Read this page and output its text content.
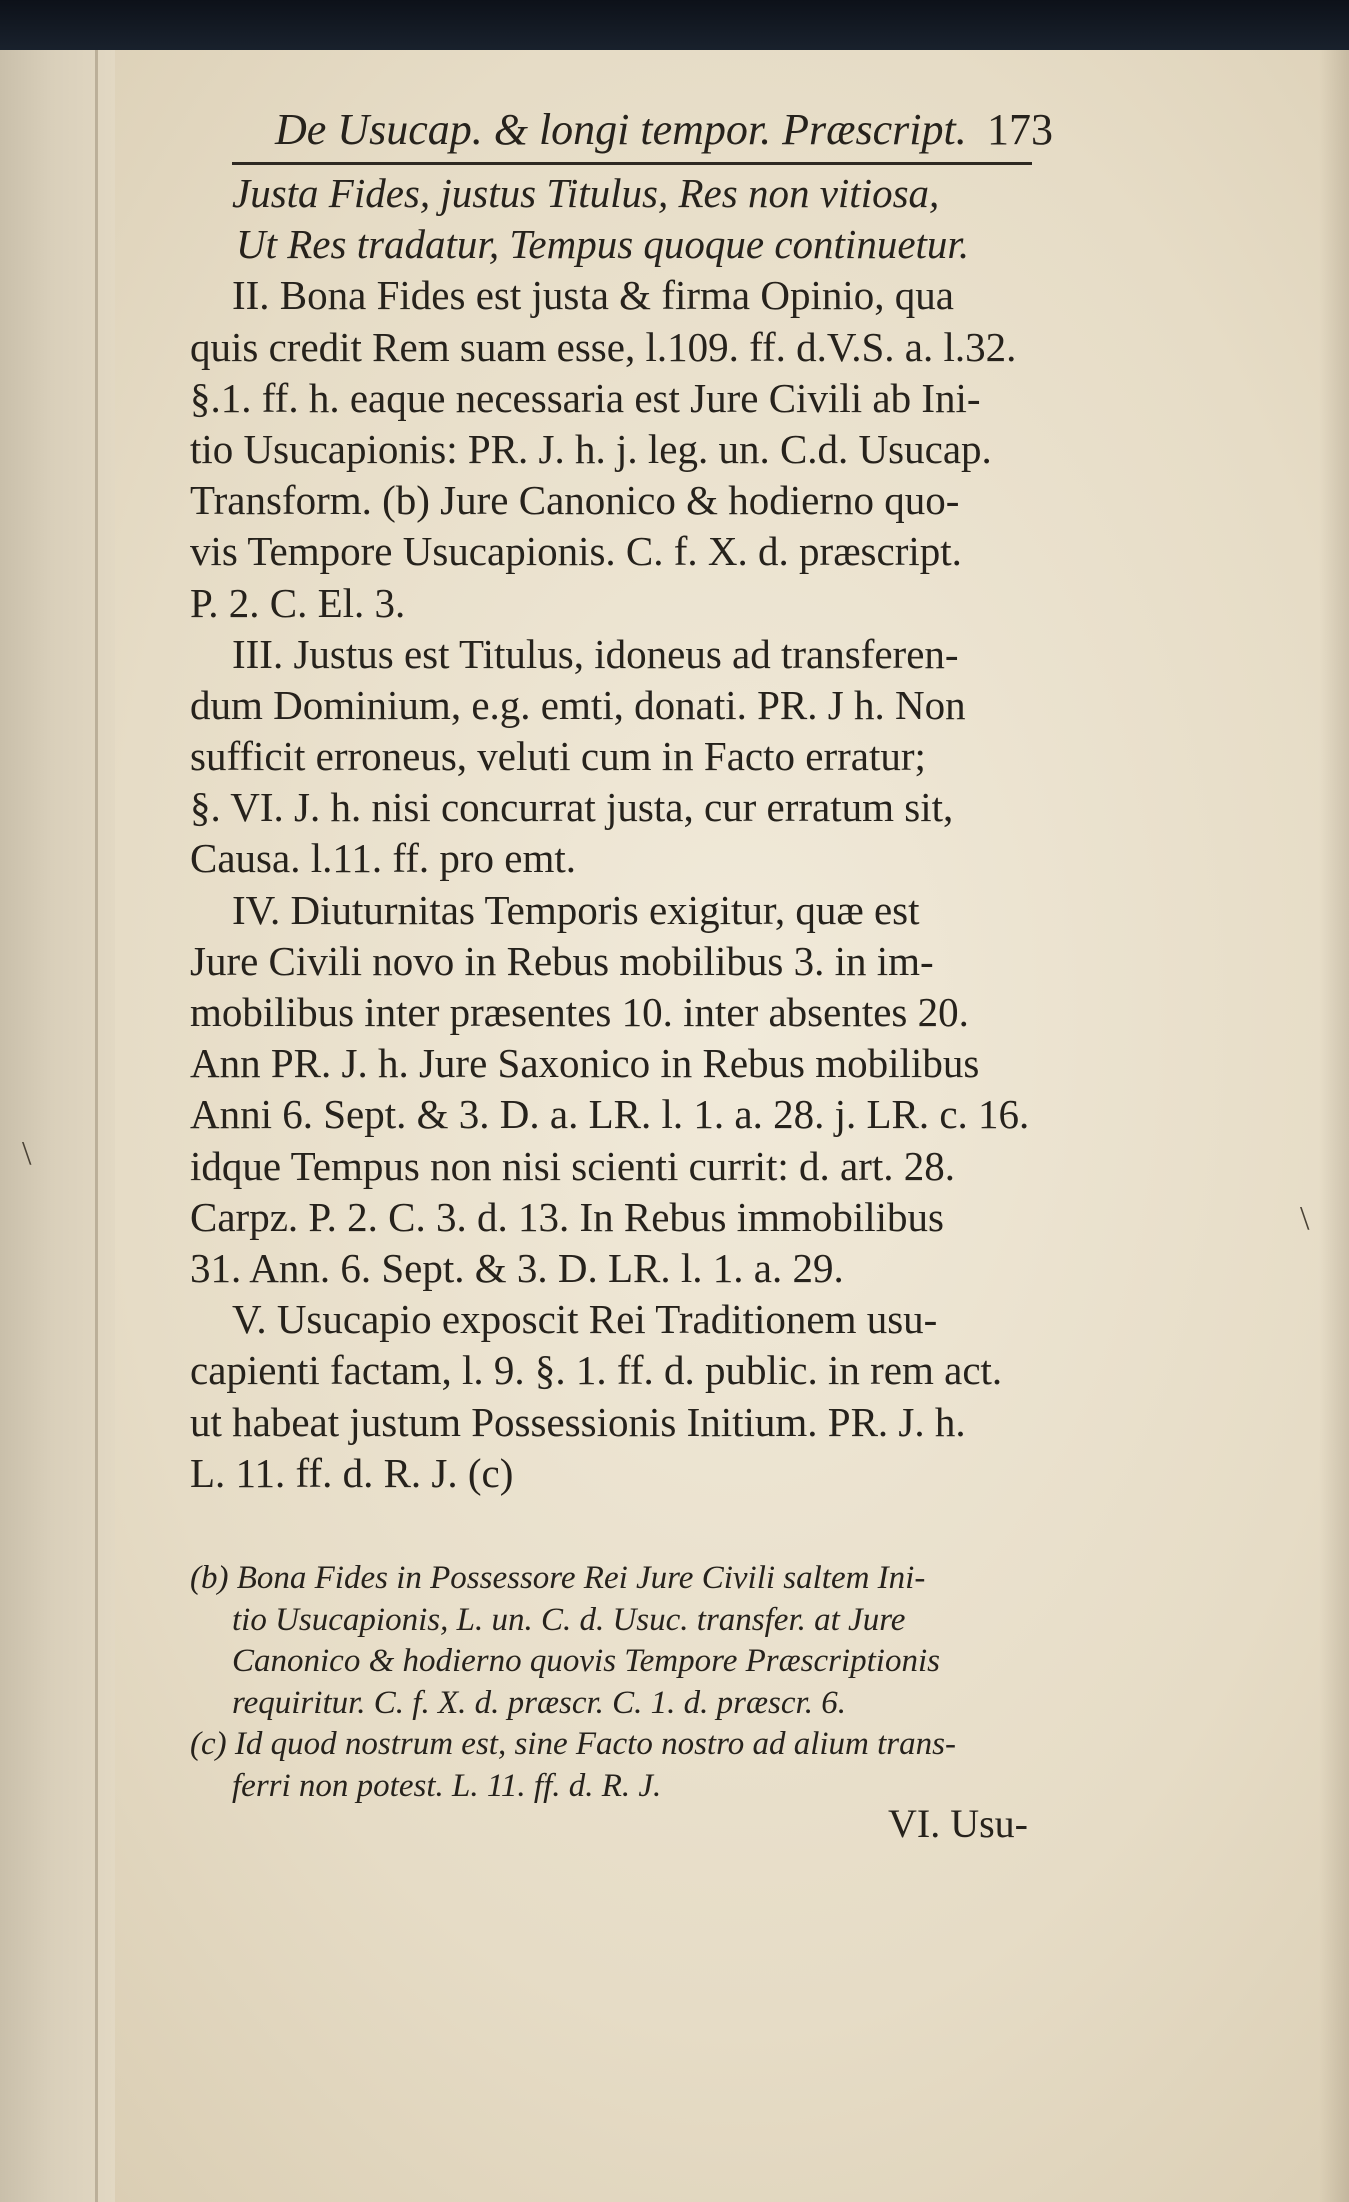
De Usucap. & longi tempor. Præscript. 173
Justa Fides, justus Titulus, Res non vitiosa,
Ut Res tradatur, Tempus quoque continuetur.
II. Bona Fides est justa & firma Opinio, qua
quis credit Rem suam esse, l.109. ff. d.V.S. a. l.32.
§.1. ff. h. eaque necessaria est Jure Civili ab Ini-
tio Usucapionis: PR. J. h. j. leg. un. C.d. Usucap.
Transform. (b) Jure Canonico & hodierno quo-
vis Tempore Usucapionis. C. f. X. d. præscript.
P. 2. C. El. 3.
III. Justus est Titulus, idoneus ad transferen-
dum Dominium, e.g. emti, donati. PR. J h. Non
sufficit erroneus, veluti cum in Facto erratur;
§. VI. J. h. nisi concurrat justa, cur erratum sit,
Causa. l.11. ff. pro emt.
IV. Diuturnitas Temporis exigitur, quæ est
Jure Civili novo in Rebus mobilibus 3. in im-
mobilibus inter præsentes 10. inter absentes 20.
Ann PR. J. h. Jure Saxonico in Rebus mobilibus
Anni 6. Sept. & 3. D. a. LR. l. 1. a. 28. j. LR. c. 16.
idque Tempus non nisi scienti currit: d. art. 28.
Carpz. P. 2. C. 3. d. 13. In Rebus immobilibus
31. Ann. 6. Sept. & 3. D. LR. l. 1. a. 29.
V. Usucapio exposcit Rei Traditionem usu-
capienti factam, l. 9. §. 1. ff. d. public. in rem act.
ut habeat justum Possessionis Initium. PR. J. h.
L. 11. ff. d. R. J. (c)
(b) Bona Fides in Possessore Rei Jure Civili saltem Ini-
tio Usucapionis, L. un. C. d. Usuc. transfer. at Jure
Canonico & hodierno quovis Tempore Præscriptionis
requiritur. C. f. X. d. præscr. C. 1. d. præscr. 6.
(c) Id quod nostrum est, sine Facto nostro ad alium trans-
ferri non potest. L. 11. ff. d. R. J.
VI. Usu-
\
\
